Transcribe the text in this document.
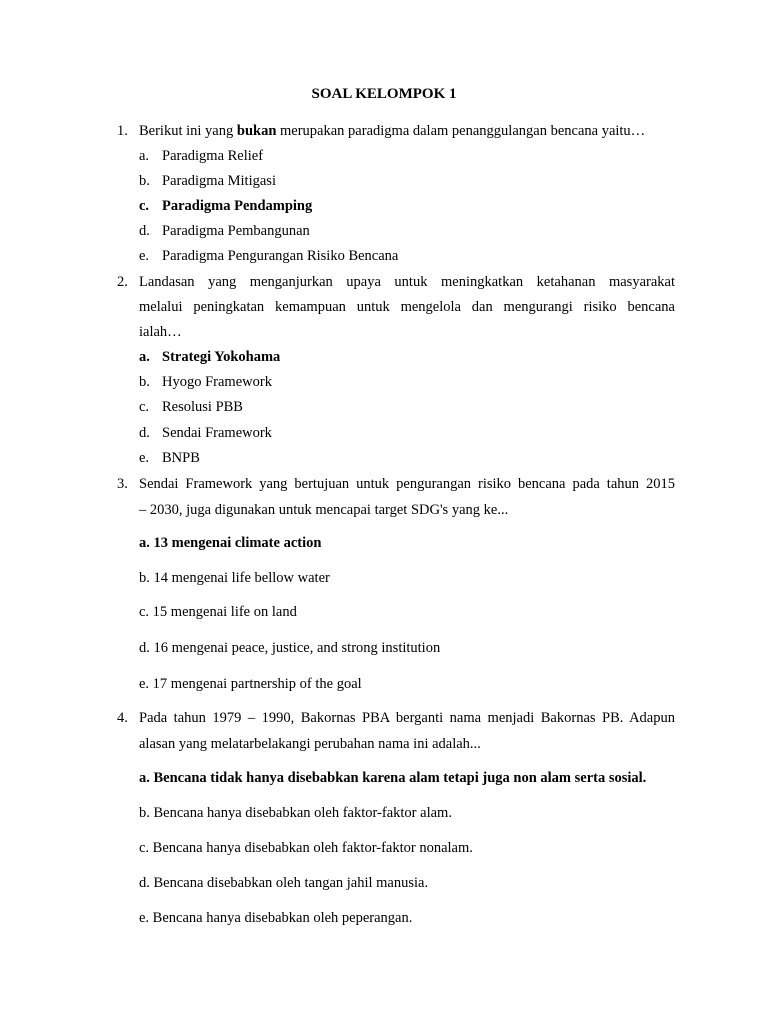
SOAL KELOMPOK 1
1. Berikut ini yang bukan merupakan paradigma dalam penanggulangan bencana yaitu…
a. Paradigma Relief
b. Paradigma Mitigasi
c. Paradigma Pendamping
d. Paradigma Pembangunan
e. Paradigma Pengurangan Risiko Bencana
2. Landasan yang menganjurkan upaya untuk meningkatkan ketahanan masyarakat
melalui peningkatan kemampuan untuk mengelola dan mengurangi risiko bencana
ialah…
a. Strategi Yokohama
b. Hyogo Framework
c. Resolusi PBB
d. Sendai Framework
e. BNPB
3. Sendai Framework yang bertujuan untuk pengurangan risiko bencana pada tahun 2015
– 2030, juga digunakan untuk mencapai target SDG's yang ke...
a. 13 mengenai climate action
b. 14 mengenai life bellow water
c. 15 mengenai life on land
d. 16 mengenai peace, justice, and strong institution
e. 17 mengenai partnership of the goal
4. Pada tahun 1979 – 1990, Bakornas PBA berganti nama menjadi Bakornas PB. Adapun
alasan yang melatarbelakangi perubahan nama ini adalah...
a. Bencana tidak hanya disebabkan karena alam tetapi juga non alam serta sosial.
b. Bencana hanya disebabkan oleh faktor-faktor alam.
c. Bencana hanya disebabkan oleh faktor-faktor nonalam.
d. Bencana disebabkan oleh tangan jahil manusia.
e. Bencana hanya disebabkan oleh peperangan.
